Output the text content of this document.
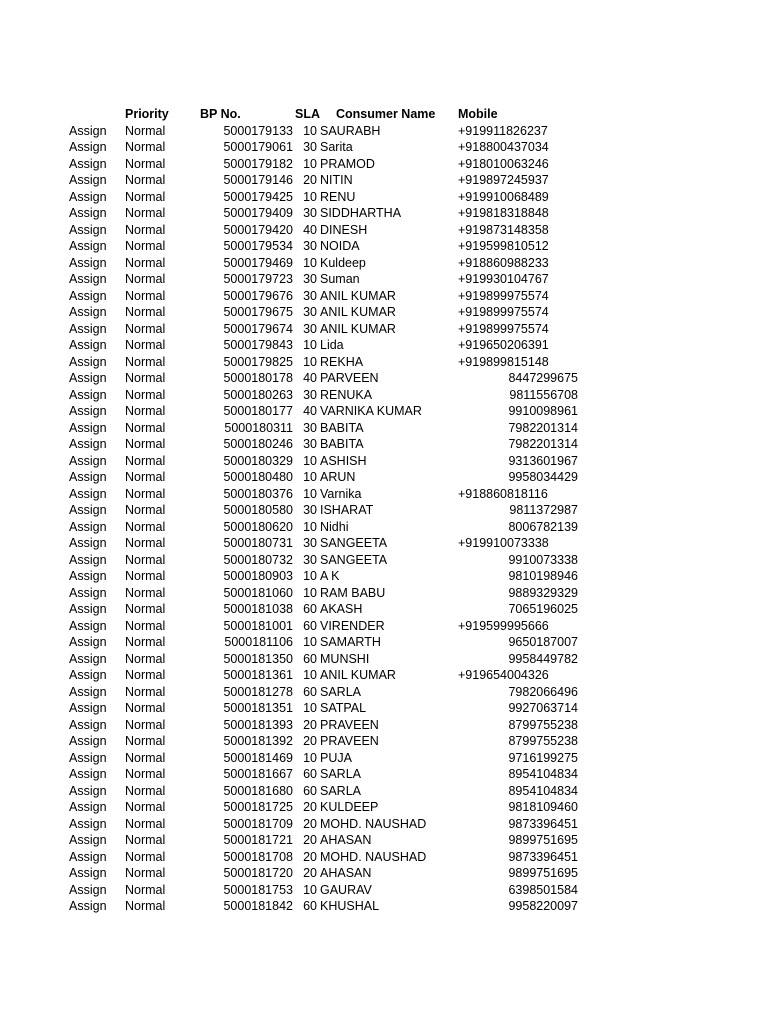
Priority BP No.	SLA Consumer Name Mobile
Assign Normal	5000179133 10 SAURABH	+919911826237
Assign Normal	5000179061 30 Sarita	+918800437034
Assign Normal	5000179182 10 PRAMOD	+918010063246
Assign Normal	5000179146 20 NITIN	+919897245937
Assign Normal	5000179425 10 RENU	+919910068489
Assign Normal	5000179409 30 SIDDHARTHA	+919818318848
Assign Normal	5000179420 40 DINESH	+919873148358
Assign Normal	5000179534 30 NOIDA	+919599810512
Assign Normal	5000179469 10 Kuldeep	+918860988233
Assign Normal	5000179723 30 Suman	+919930104767
Assign Normal	5000179676 30 ANIL KUMAR	+919899975574
Assign Normal	5000179675 30 ANIL KUMAR	+919899975574
Assign Normal	5000179674 30 ANIL KUMAR	+919899975574
Assign Normal	5000179843 10 Lida	+919650206391
Assign Normal	5000179825 10 REKHA	+919899815148
Assign Normal	5000180178 40 PARVEEN	8447299675
Assign Normal	5000180263 30 RENUKA	9811556708
Assign Normal	5000180177 40 VARNIKA KUMAR	9910098961
Assign Normal	5000180311 30 BABITA	7982201314
Assign Normal	5000180246 30 BABITA	7982201314
Assign Normal	5000180329 10 ASHISH	9313601967
Assign Normal	5000180480 10 ARUN	9958034429
Assign Normal	5000180376 10 Varnika	+918860818116
Assign Normal	5000180580 30 ISHARAT	9811372987
Assign Normal	5000180620 10 Nidhi	8006782139
Assign Normal	5000180731 30 SANGEETA	+919910073338
Assign Normal	5000180732 30 SANGEETA	9910073338
Assign Normal	5000180903 10 A K	9810198946
Assign Normal	5000181060 10 RAM BABU	9889329329
Assign Normal	5000181038 60 AKASH	7065196025
Assign Normal	5000181001 60 VIRENDER	+919599995666
Assign Normal	5000181106 10 SAMARTH	9650187007
Assign Normal	5000181350 60 MUNSHI	9958449782
Assign Normal	5000181361 10 ANIL KUMAR	+919654004326
Assign Normal	5000181278 60 SARLA	7982066496
Assign Normal	5000181351 10 SATPAL	9927063714
Assign Normal	5000181393 20 PRAVEEN	8799755238
Assign Normal	5000181392 20 PRAVEEN	8799755238
Assign Normal	5000181469 10 PUJA	9716199275
Assign Normal	5000181667 60 SARLA	8954104834
Assign Normal	5000181680 60 SARLA	8954104834
Assign Normal	5000181725 20 KULDEEP	9818109460
Assign Normal	5000181709 20 MOHD. NAUSHAD	9873396451
Assign Normal	5000181721 20 AHASAN	9899751695
Assign Normal	5000181708 20 MOHD. NAUSHAD	9873396451
Assign Normal	5000181720 20 AHASAN	9899751695
Assign Normal	5000181753 10 GAURAV	6398501584
Assign Normal	5000181842 60 KHUSHAL	9958220097
